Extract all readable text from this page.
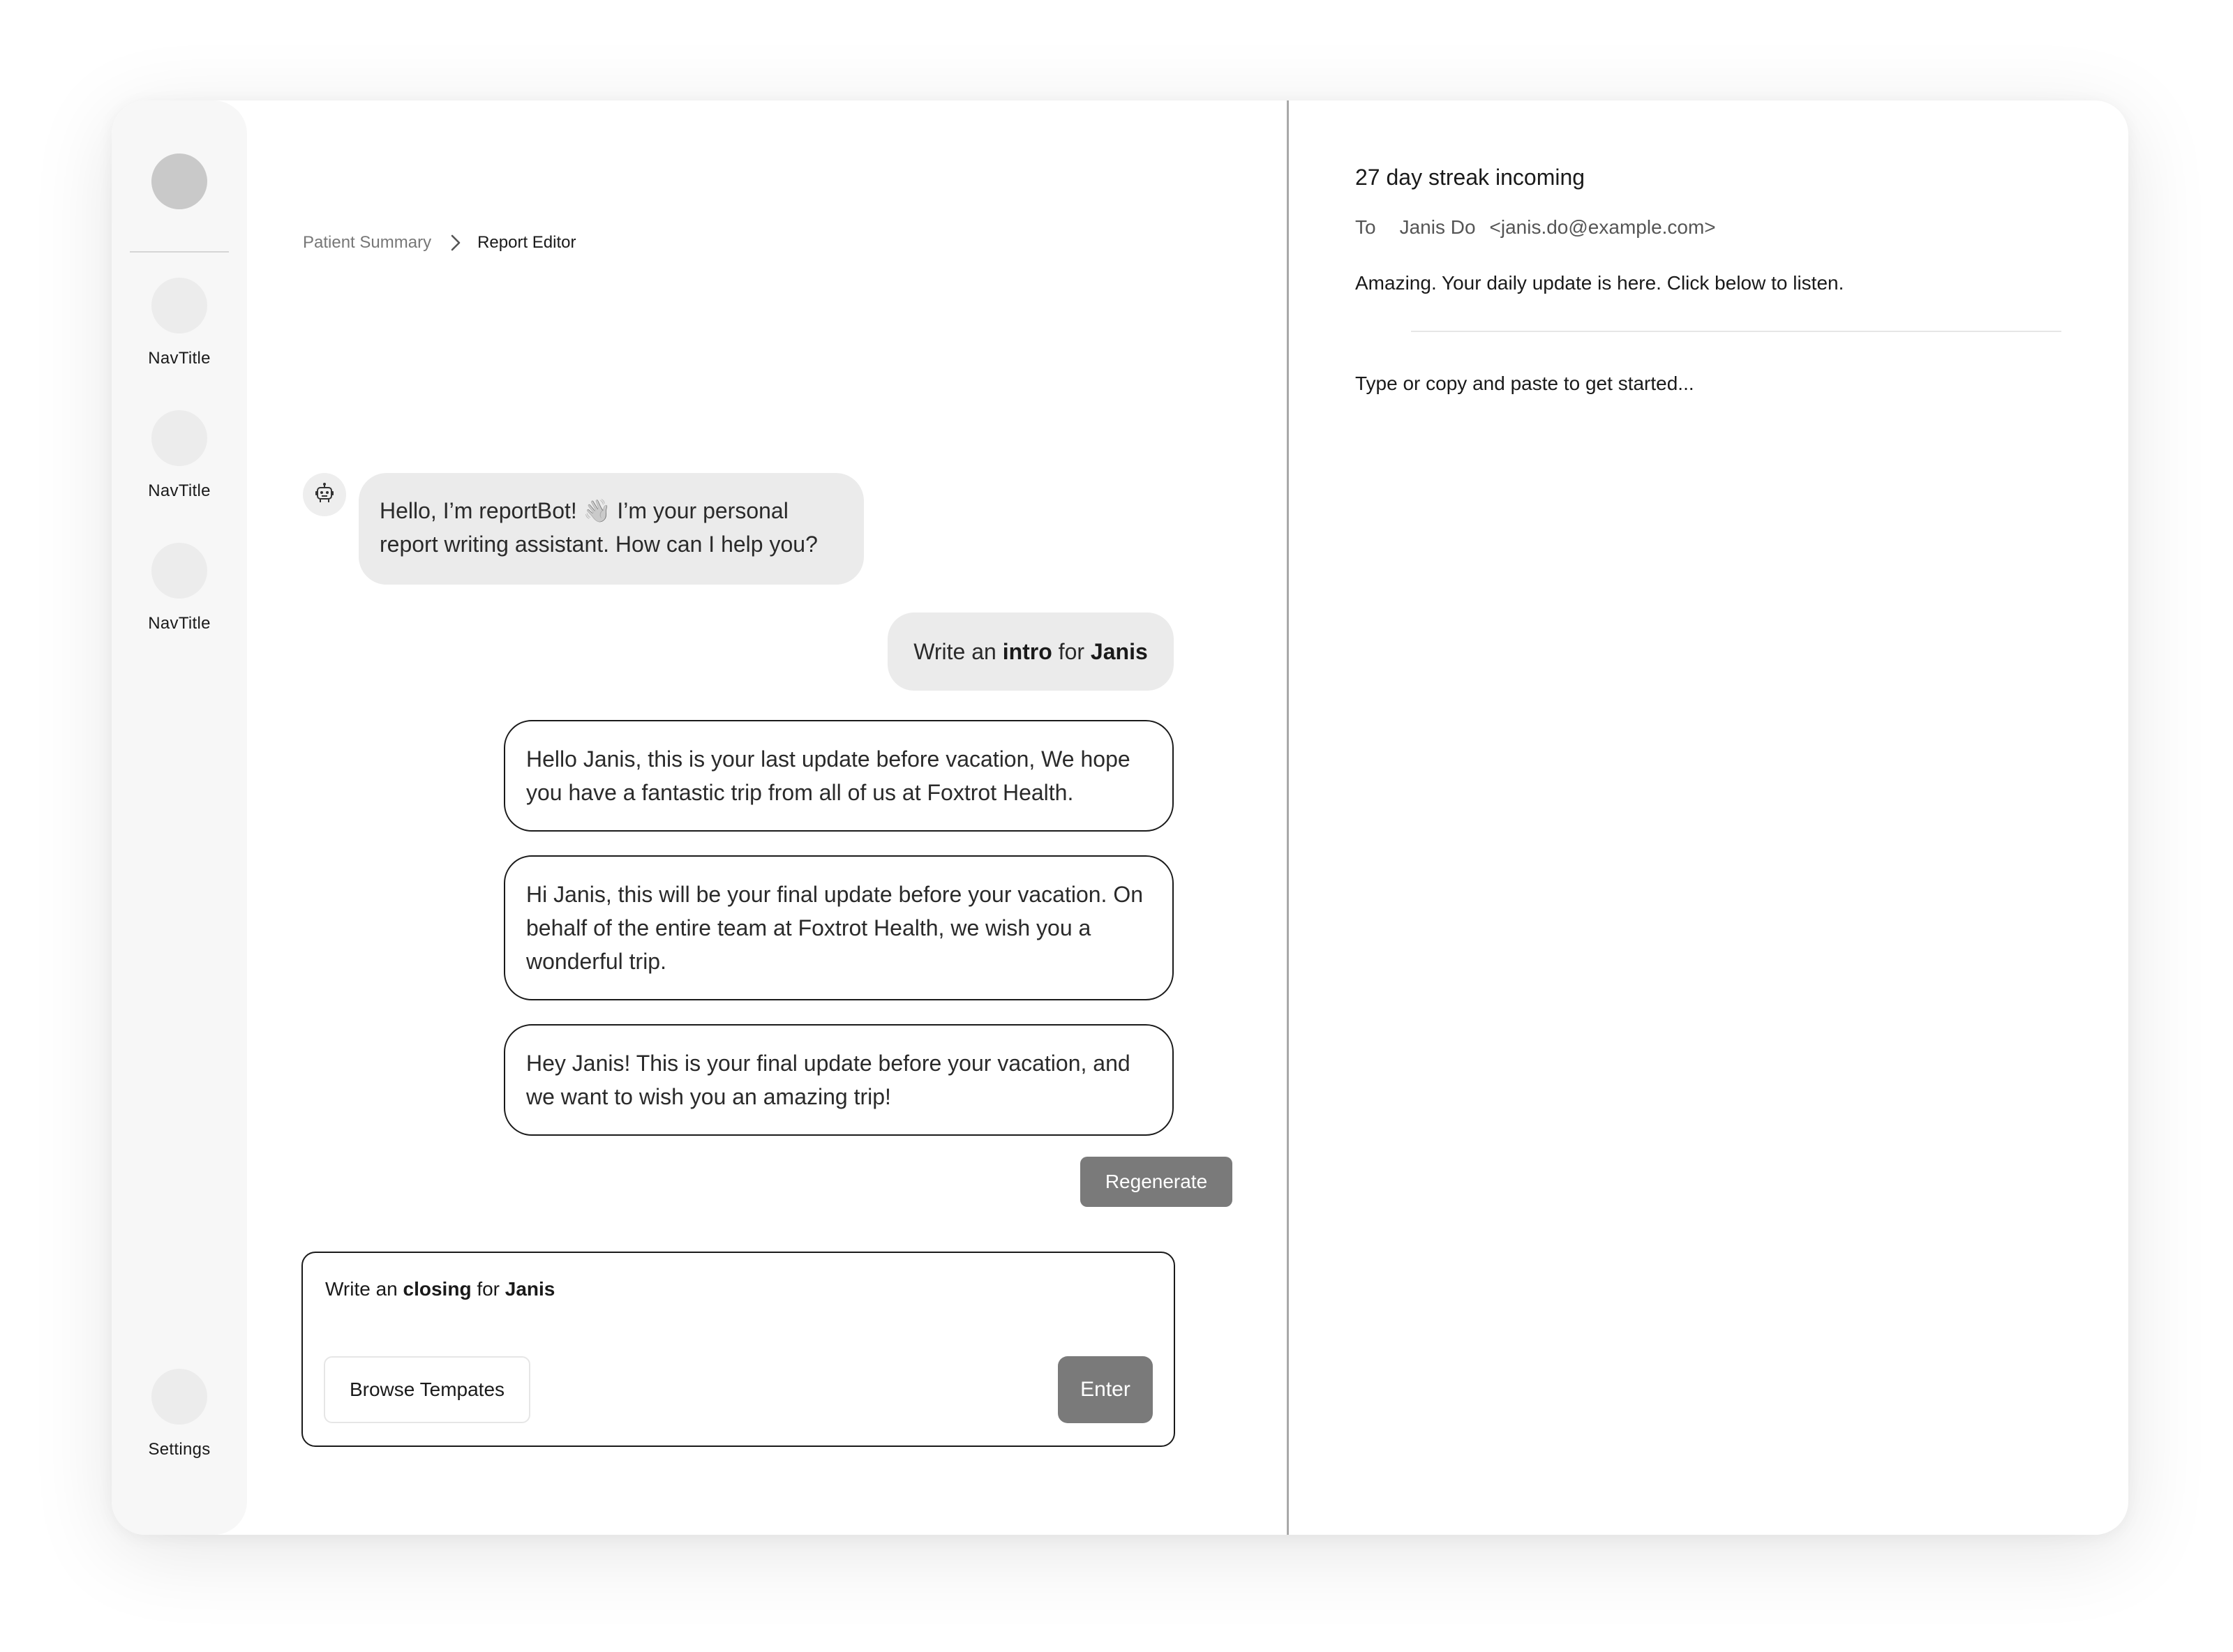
NavTitle
NavTitle
NavTitle
Settings
Patient Summary	Report Editor
Hello, I’m reportBot! 👋 I’m your personal report writing assistant. How can I help you?
Write an intro for Janis
Hello Janis, this is your last update before vacation, We hope you have a fantastic trip from all of us at Foxtrot Health.
Hi Janis, this will be your final update before your vacation. On behalf of the entire team at Foxtrot Health, we wish you a wonderful trip.
Hey Janis! This is your final update before your vacation, and we want to wish you an amazing trip!
Regenerate
Write an closing for Janis
Browse Tempates	Enter
27 day streak incoming
To Janis Do <janis.do@example.com>
Amazing. Your daily update is here. Click below to listen.
Type or copy and paste to get started...
